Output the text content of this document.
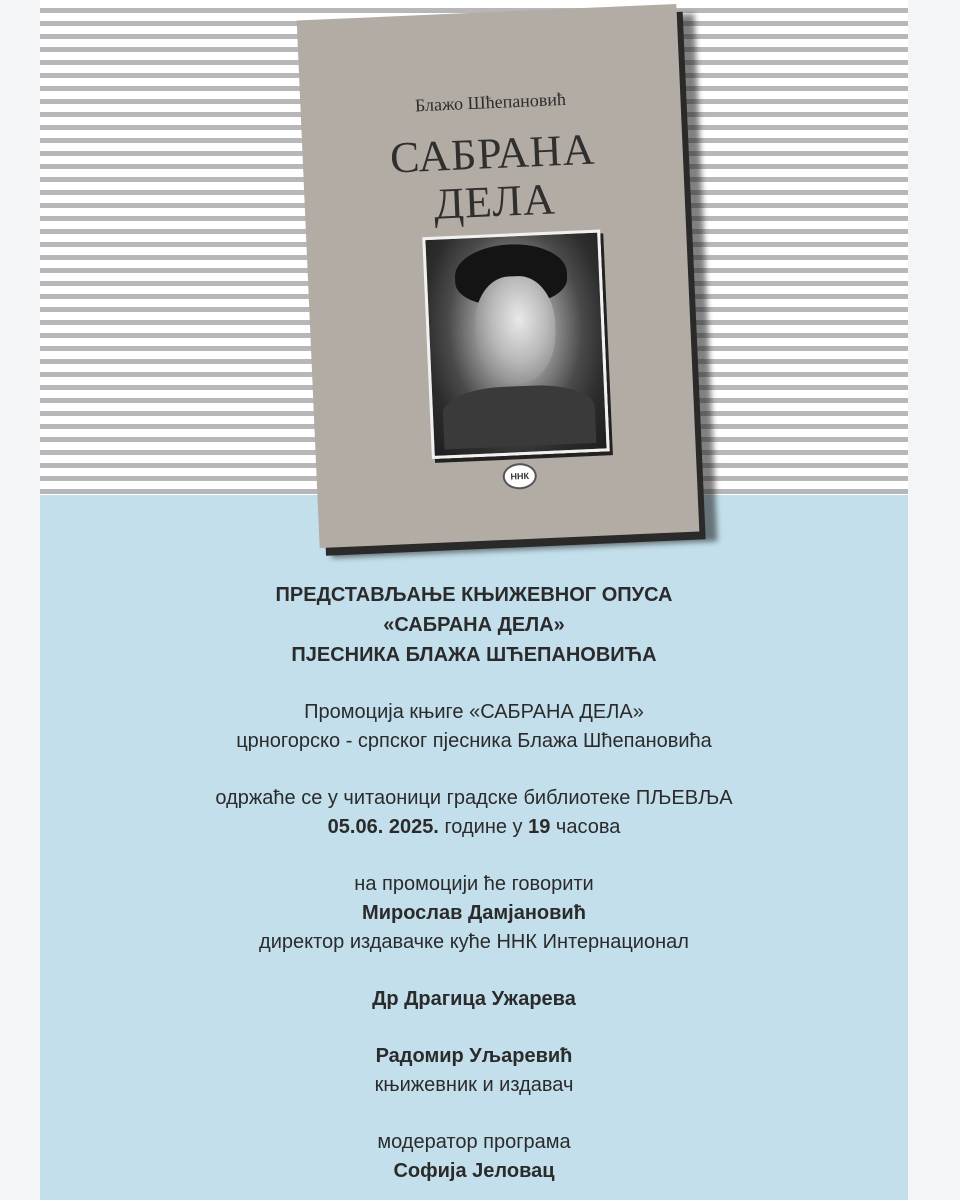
Блажо Шћепановић
САБРАНА
ДЕЛА
ННК

ПРЕДСТАВЉАЊЕ КЊИЖЕВНОГ ОПУСА

«САБРАНА ДЕЛА»

ПЈЕСНИКА БЛАЖА ШЋЕПАНОВИЋА

Промоција књиге «САБРАНА ДЕЛА»

црногорско - српског пјесника Блажа Шћепановића

одржаће се у читаоници градске библиотеке ПЉЕВЉА

05.06. 2025. године у 19 часова

на промоцији ће говорити

Мирослав Дамјановић

директор издавачке куће ННК Интернационал

Др Драгица Ужарева

Радомир Уљаревић

књижевник и издавач

модератор програма

Софија Јеловац
